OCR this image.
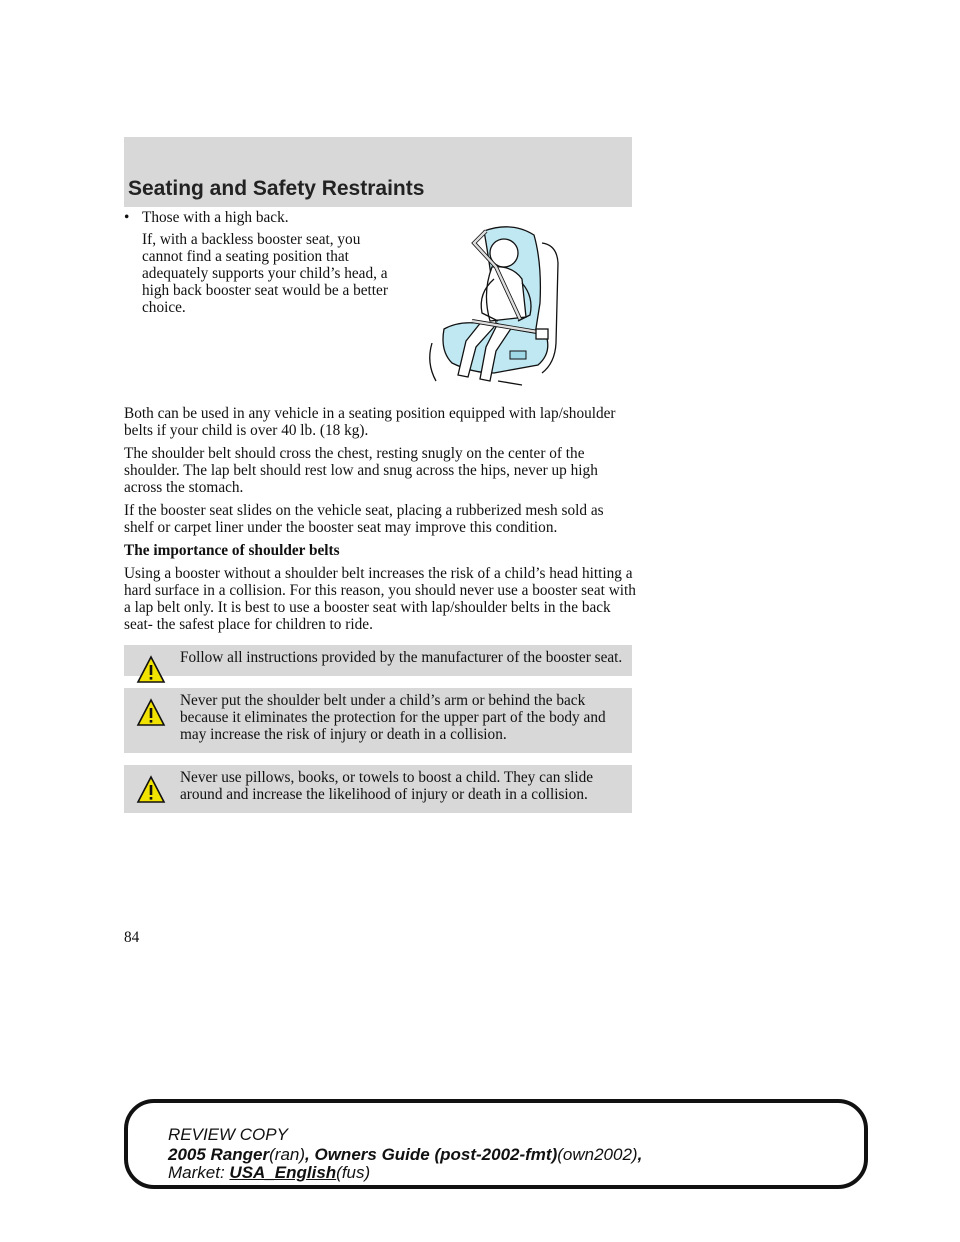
Seating and Safety Restraints
• Those with a high back.
If, with a backless booster seat, you cannot find a seating position that adequately supports your child’s head, a high back booster seat would be a better choice.

Both can be used in any vehicle in a seating position equipped with lap/shoulder belts if your child is over 40 lb. (18 kg).

The shoulder belt should cross the chest, resting snugly on the center of the shoulder. The lap belt should rest low and snug across the hips, never up high across the stomach.

If the booster seat slides on the vehicle seat, placing a rubberized mesh sold as shelf or carpet liner under the booster seat may improve this condition.

The importance of shoulder belts

Using a booster without a shoulder belt increases the risk of a child’s head hitting a hard surface in a collision. For this reason, you should never use a booster seat with a lap belt only. It is best to use a booster seat with lap/shoulder belts in the back seat- the safest place for children to ride.

Follow all instructions provided by the manufacturer of the booster seat.
Never put the shoulder belt under a child’s arm or behind the back because it eliminates the protection for the upper part of the body and may increase the risk of injury or death in a collision.
Never use pillows, books, or towels to boost a child. They can slide around and increase the likelihood of injury or death in a collision.
84
REVIEW COPY
2005 Ranger(ran), Owners Guide (post-2002-fmt)(own2002),
Market: USA_English(fus)
